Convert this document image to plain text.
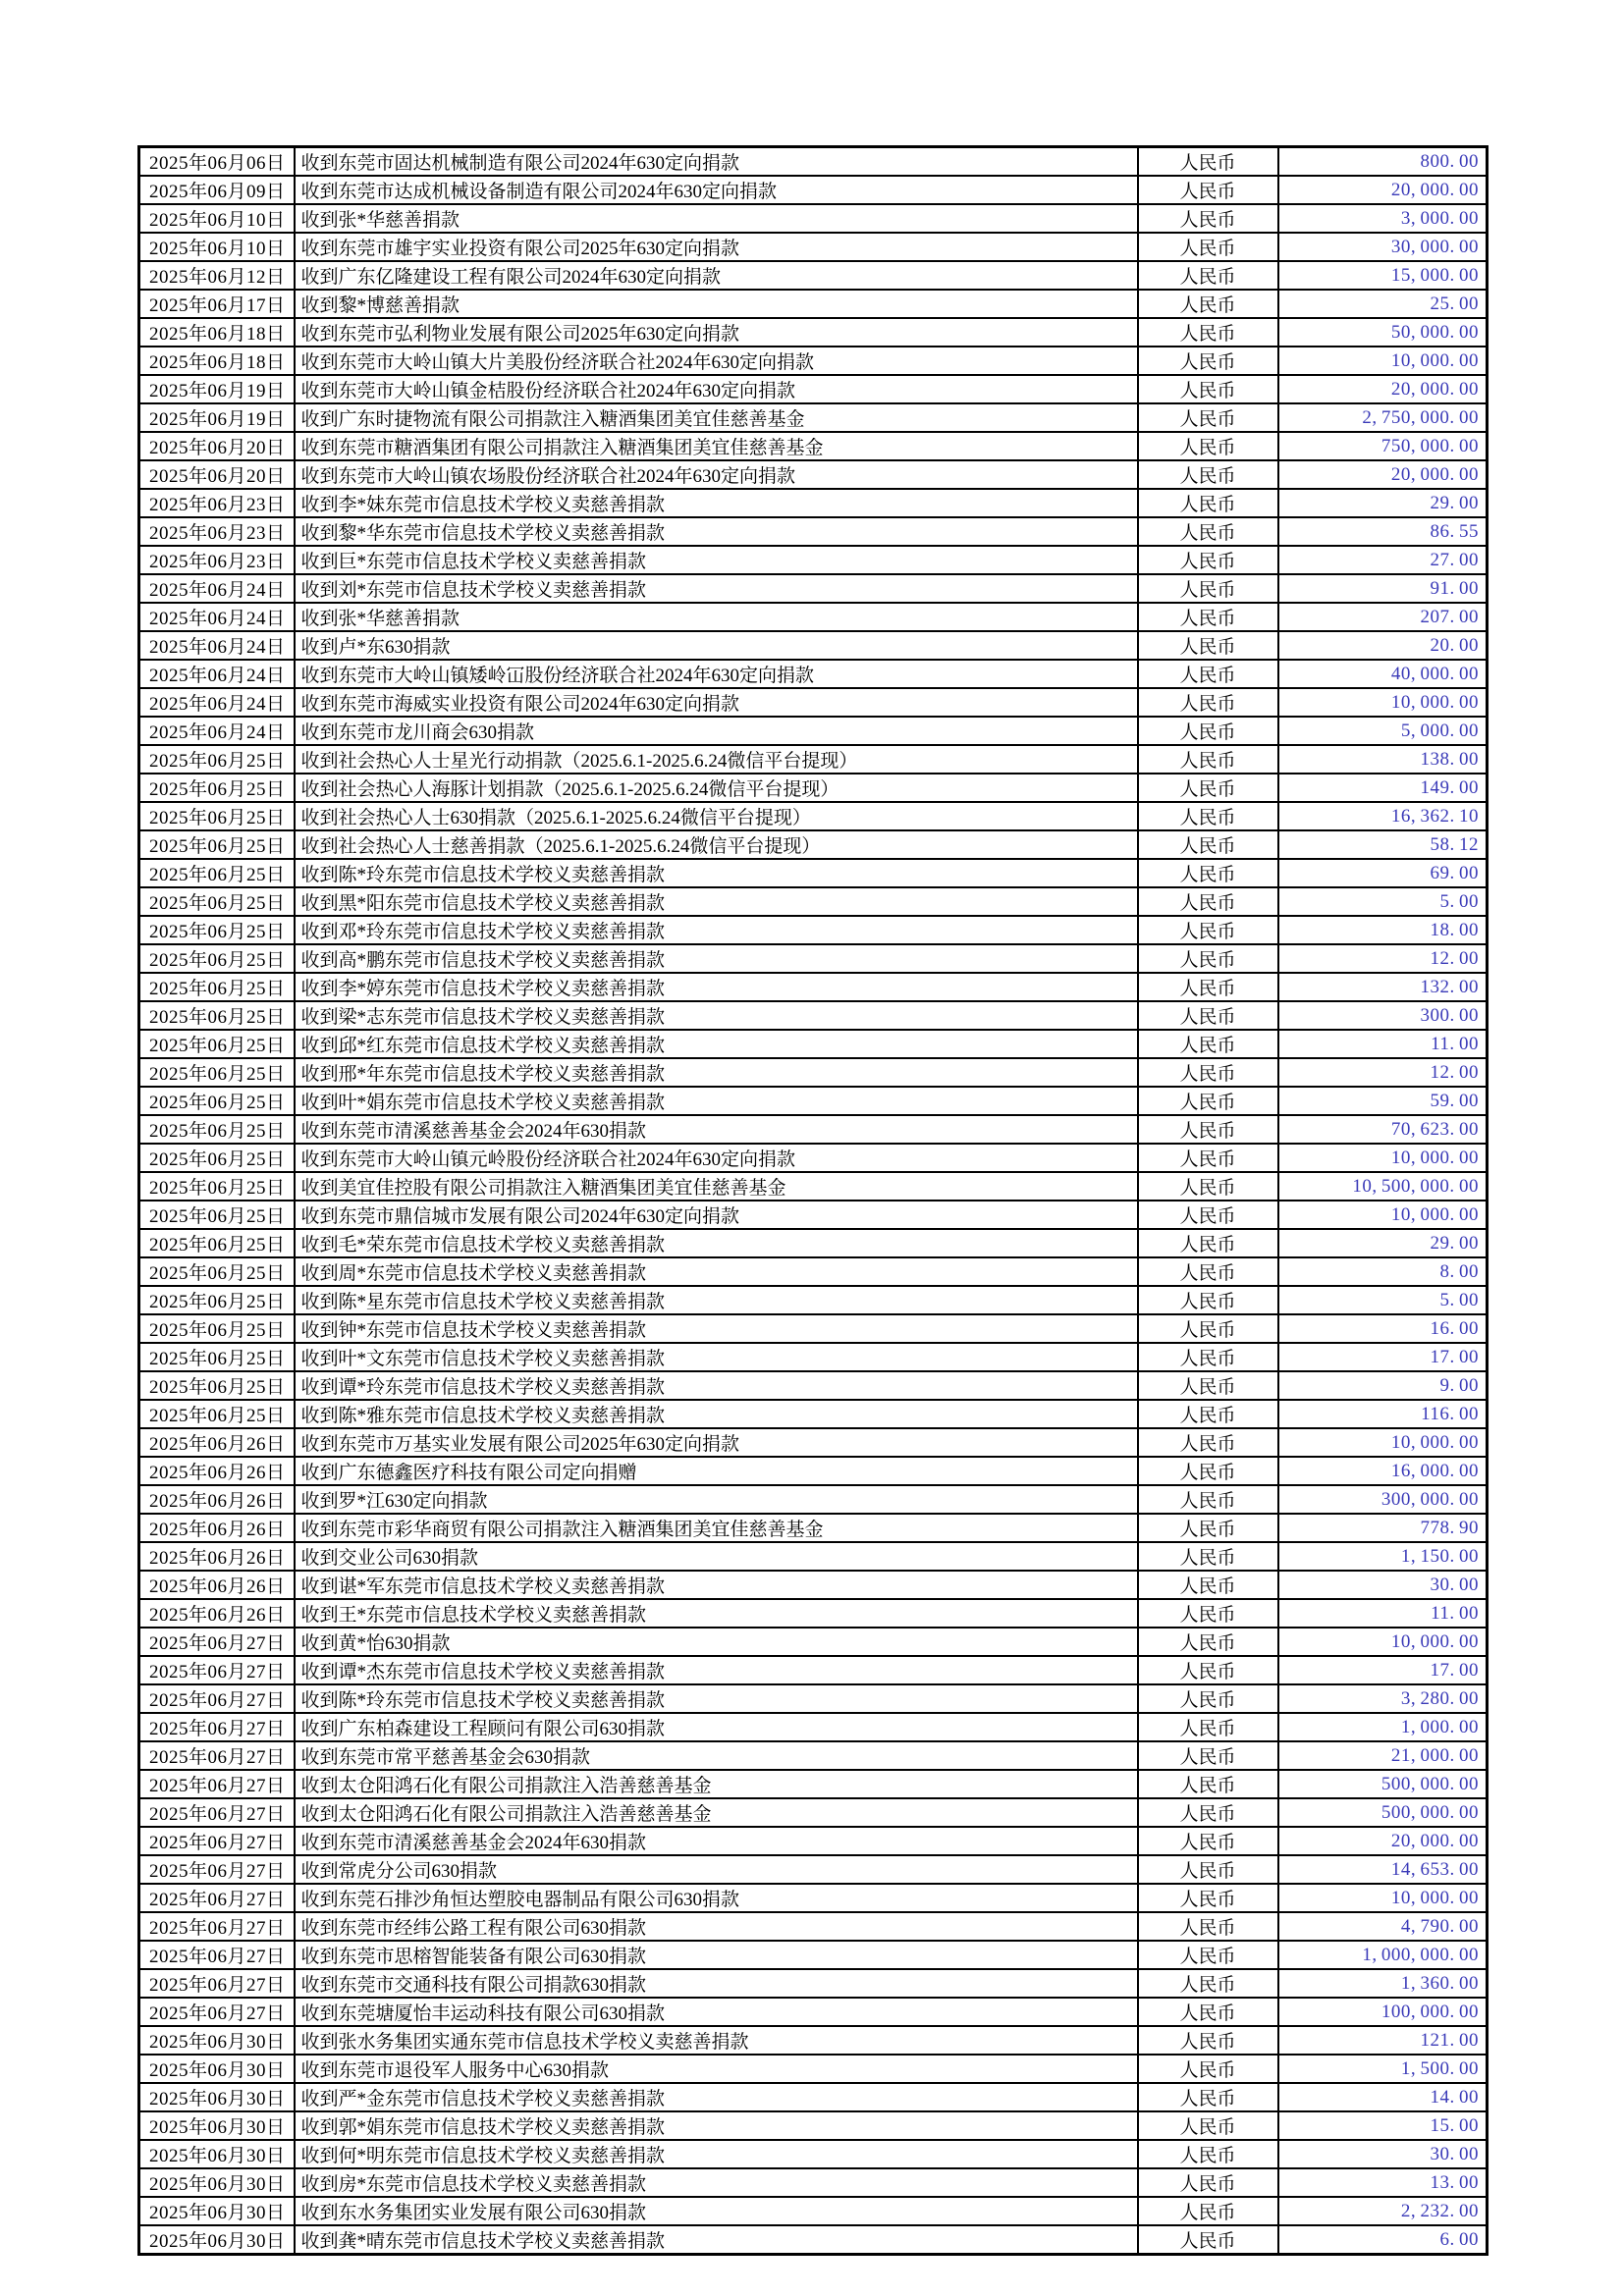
2025年06月06日	收到东莞市固达机械制造有限公司2024年630定向捐款	人民币	800. 00
2025年06月09日	收到东莞市达成机械设备制造有限公司2024年630定向捐款	人民币	20, 000. 00
2025年06月10日	收到张*华慈善捐款	人民币	3, 000. 00
2025年06月10日	收到东莞市雄宇实业投资有限公司2025年630定向捐款	人民币	30, 000. 00
2025年06月12日	收到广东亿隆建设工程有限公司2024年630定向捐款	人民币	15, 000. 00
2025年06月17日	收到黎*博慈善捐款	人民币	25. 00
2025年06月18日	收到东莞市弘利物业发展有限公司2025年630定向捐款	人民币	50, 000. 00
2025年06月18日	收到东莞市大岭山镇大片美股份经济联合社2024年630定向捐款	人民币	10, 000. 00
2025年06月19日	收到东莞市大岭山镇金桔股份经济联合社2024年630定向捐款	人民币	20, 000. 00
2025年06月19日	收到广东时捷物流有限公司捐款注入糖酒集团美宜佳慈善基金	人民币	2, 750, 000. 00
2025年06月20日	收到东莞市糖酒集团有限公司捐款注入糖酒集团美宜佳慈善基金	人民币	750, 000. 00
2025年06月20日	收到东莞市大岭山镇农场股份经济联合社2024年630定向捐款	人民币	20, 000. 00
2025年06月23日	收到李*妹东莞市信息技术学校义卖慈善捐款	人民币	29. 00
2025年06月23日	收到黎*华东莞市信息技术学校义卖慈善捐款	人民币	86. 55
2025年06月23日	收到巨*东莞市信息技术学校义卖慈善捐款	人民币	27. 00
2025年06月24日	收到刘*东莞市信息技术学校义卖慈善捐款	人民币	91. 00
2025年06月24日	收到张*华慈善捐款	人民币	207. 00
2025年06月24日	收到卢*东630捐款	人民币	20. 00
2025年06月24日	收到东莞市大岭山镇矮岭冚股份经济联合社2024年630定向捐款	人民币	40, 000. 00
2025年06月24日	收到东莞市海威实业投资有限公司2024年630定向捐款	人民币	10, 000. 00
2025年06月24日	收到东莞市龙川商会630捐款	人民币	5, 000. 00
2025年06月25日	收到社会热心人士星光行动捐款（2025.6.1-2025.6.24微信平台提现）	人民币	138. 00
2025年06月25日	收到社会热心人海豚计划捐款（2025.6.1-2025.6.24微信平台提现）	人民币	149. 00
2025年06月25日	收到社会热心人士630捐款（2025.6.1-2025.6.24微信平台提现）	人民币	16, 362. 10
2025年06月25日	收到社会热心人士慈善捐款（2025.6.1-2025.6.24微信平台提现）	人民币	58. 12
2025年06月25日	收到陈*玲东莞市信息技术学校义卖慈善捐款	人民币	69. 00
2025年06月25日	收到黑*阳东莞市信息技术学校义卖慈善捐款	人民币	5. 00
2025年06月25日	收到邓*玲东莞市信息技术学校义卖慈善捐款	人民币	18. 00
2025年06月25日	收到高*鹏东莞市信息技术学校义卖慈善捐款	人民币	12. 00
2025年06月25日	收到李*婷东莞市信息技术学校义卖慈善捐款	人民币	132. 00
2025年06月25日	收到梁*志东莞市信息技术学校义卖慈善捐款	人民币	300. 00
2025年06月25日	收到邱*红东莞市信息技术学校义卖慈善捐款	人民币	11. 00
2025年06月25日	收到邢*年东莞市信息技术学校义卖慈善捐款	人民币	12. 00
2025年06月25日	收到叶*娟东莞市信息技术学校义卖慈善捐款	人民币	59. 00
2025年06月25日	收到东莞市清溪慈善基金会2024年630捐款	人民币	70, 623. 00
2025年06月25日	收到东莞市大岭山镇元岭股份经济联合社2024年630定向捐款	人民币	10, 000. 00
2025年06月25日	收到美宜佳控股有限公司捐款注入糖酒集团美宜佳慈善基金	人民币	10, 500, 000. 00
2025年06月25日	收到东莞市鼎信城市发展有限公司2024年630定向捐款	人民币	10, 000. 00
2025年06月25日	收到毛*荣东莞市信息技术学校义卖慈善捐款	人民币	29. 00
2025年06月25日	收到周*东莞市信息技术学校义卖慈善捐款	人民币	8. 00
2025年06月25日	收到陈*星东莞市信息技术学校义卖慈善捐款	人民币	5. 00
2025年06月25日	收到钟*东莞市信息技术学校义卖慈善捐款	人民币	16. 00
2025年06月25日	收到叶*文东莞市信息技术学校义卖慈善捐款	人民币	17. 00
2025年06月25日	收到谭*玲东莞市信息技术学校义卖慈善捐款	人民币	9. 00
2025年06月25日	收到陈*雅东莞市信息技术学校义卖慈善捐款	人民币	116. 00
2025年06月26日	收到东莞市万基实业发展有限公司2025年630定向捐款	人民币	10, 000. 00
2025年06月26日	收到广东德鑫医疗科技有限公司定向捐赠	人民币	16, 000. 00
2025年06月26日	收到罗*江630定向捐款	人民币	300, 000. 00
2025年06月26日	收到东莞市彩华商贸有限公司捐款注入糖酒集团美宜佳慈善基金	人民币	778. 90
2025年06月26日	收到交业公司630捐款	人民币	1, 150. 00
2025年06月26日	收到谌*军东莞市信息技术学校义卖慈善捐款	人民币	30. 00
2025年06月26日	收到王*东莞市信息技术学校义卖慈善捐款	人民币	11. 00
2025年06月27日	收到黄*怡630捐款	人民币	10, 000. 00
2025年06月27日	收到谭*杰东莞市信息技术学校义卖慈善捐款	人民币	17. 00
2025年06月27日	收到陈*玲东莞市信息技术学校义卖慈善捐款	人民币	3, 280. 00
2025年06月27日	收到广东柏森建设工程顾问有限公司630捐款	人民币	1, 000. 00
2025年06月27日	收到东莞市常平慈善基金会630捐款	人民币	21, 000. 00
2025年06月27日	收到太仓阳鸿石化有限公司捐款注入浩善慈善基金	人民币	500, 000. 00
2025年06月27日	收到太仓阳鸿石化有限公司捐款注入浩善慈善基金	人民币	500, 000. 00
2025年06月27日	收到东莞市清溪慈善基金会2024年630捐款	人民币	20, 000. 00
2025年06月27日	收到常虎分公司630捐款	人民币	14, 653. 00
2025年06月27日	收到东莞石排沙角恒达塑胶电器制品有限公司630捐款	人民币	10, 000. 00
2025年06月27日	收到东莞市经纬公路工程有限公司630捐款	人民币	4, 790. 00
2025年06月27日	收到东莞市思榕智能装备有限公司630捐款	人民币	1, 000, 000. 00
2025年06月27日	收到东莞市交通科技有限公司捐款630捐款	人民币	1, 360. 00
2025年06月27日	收到东莞塘厦怡丰运动科技有限公司630捐款	人民币	100, 000. 00
2025年06月30日	收到张水务集团实通东莞市信息技术学校义卖慈善捐款	人民币	121. 00
2025年06月30日	收到东莞市退役军人服务中心630捐款	人民币	1, 500. 00
2025年06月30日	收到严*金东莞市信息技术学校义卖慈善捐款	人民币	14. 00
2025年06月30日	收到郭*娟东莞市信息技术学校义卖慈善捐款	人民币	15. 00
2025年06月30日	收到何*明东莞市信息技术学校义卖慈善捐款	人民币	30. 00
2025年06月30日	收到房*东莞市信息技术学校义卖慈善捐款	人民币	13. 00
2025年06月30日	收到东水务集团实业发展有限公司630捐款	人民币	2, 232. 00
2025年06月30日	收到龚*晴东莞市信息技术学校义卖慈善捐款	人民币	6. 00
